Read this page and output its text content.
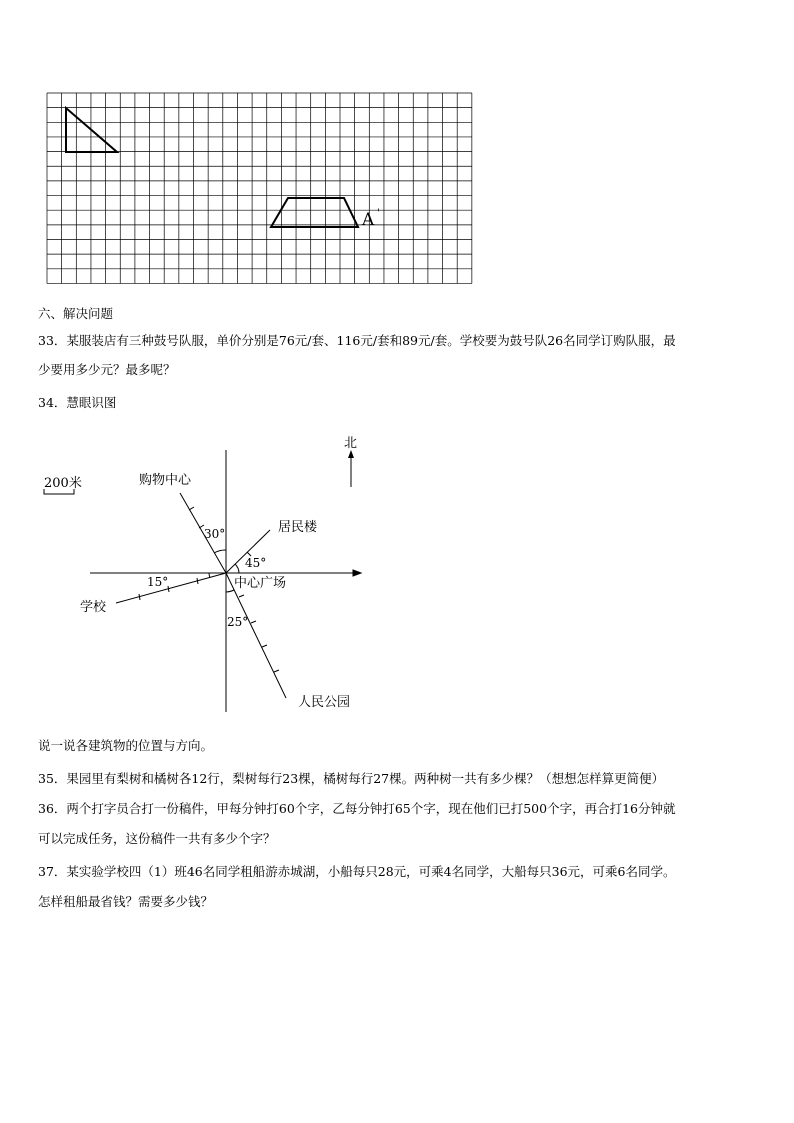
A '
六、解决问题
33．某服装店有三种鼓号队服，单价分别是76元/套、116元/套和89元/套。学校要为鼓号队26名同学订购队服，最
少要用多少元？最多呢？
34．慧眼识图
北
200米	购物中心
居民楼
中心广场
学校
人民公园
30°
45°
15°
25°
说一说各建筑物的位置与方向。
35．果园里有梨树和橘树各12行，梨树每行23棵，橘树每行27棵。两种树一共有多少棵？（想想怎样算更简便）
36．两个打字员合打一份稿件，甲每分钟打60个字，乙每分钟打65个字，现在他们已打500个字，再合打16分钟就
可以完成任务，这份稿件一共有多少个字？
37．某实验学校四（1）班46名同学租船游赤城湖，小船每只28元，可乘4名同学，大船每只36元，可乘6名同学。
怎样租船最省钱？需要多少钱？
